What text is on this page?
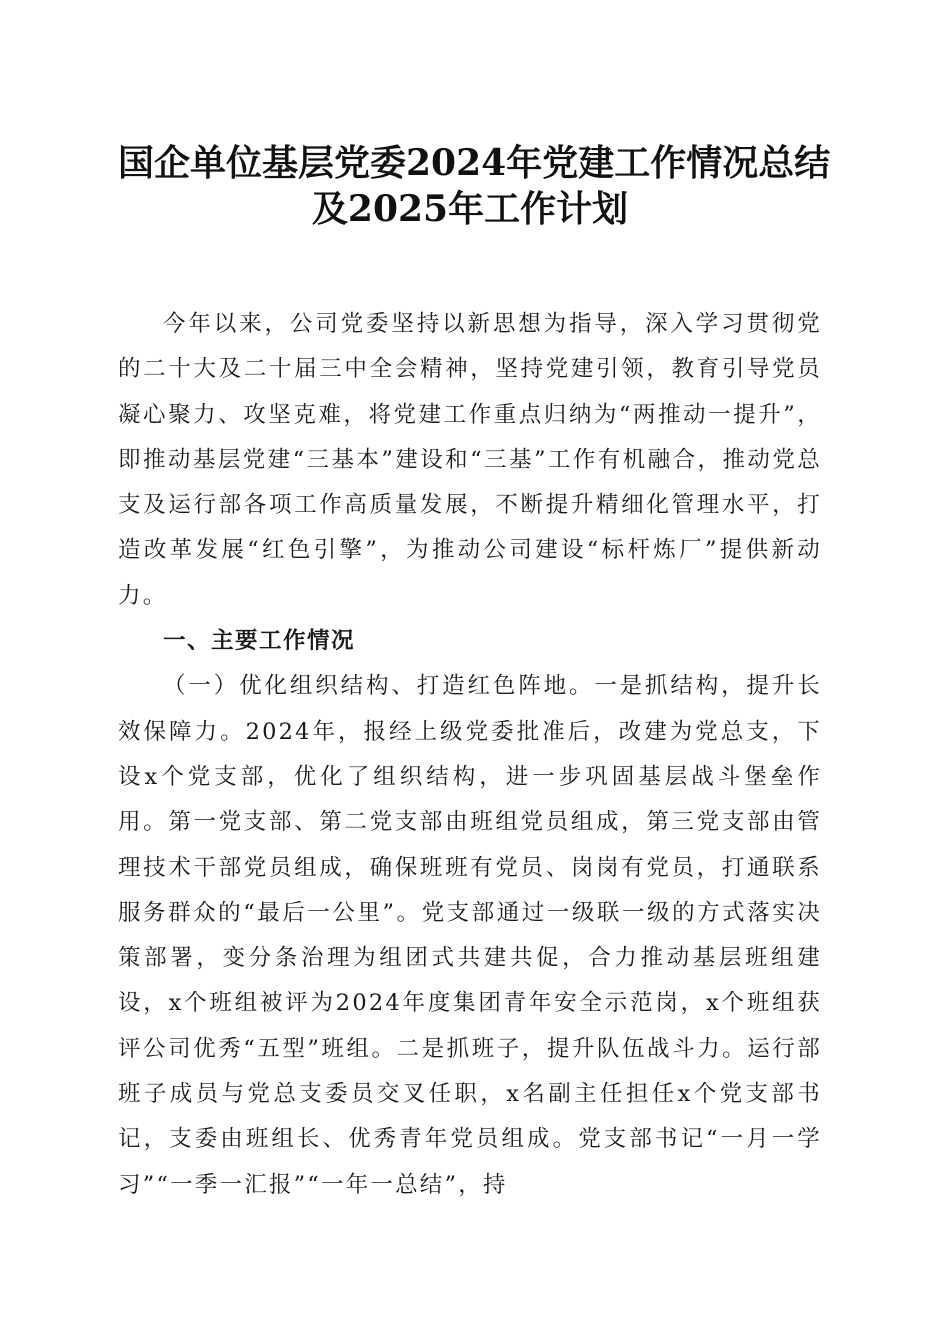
国企单位基层党委2024年党建工作情况总结
及2025年工作计划

今年以来，公司党委坚持以新思想为指导，深入学习贯彻党的二十大及二十届三中全会精神，坚持党建引领，教育引导党员凝心聚力、攻坚克难，将党建工作重点归纳为“两推动一提升”，即推动基层党建“三基本”建设和“三基”工作有机融合，推动党总支及运行部各项工作高质量发展，不断提升精细化管理水平，打造改革发展“红色引擎”，为推动公司建设“标杆炼厂”提供新动力。

一、主要工作情况

（一）优化组织结构、打造红色阵地。一是抓结构，提升长效保障力。2024年，报经上级党委批准后，改建为党总支，下设x个党支部，优化了组织结构，进一步巩固基层战斗堡垒作用。第一党支部、第二党支部由班组党员组成，第三党支部由管理技术干部党员组成，确保班班有党员、岗岗有党员，打通联系服务群众的“最后一公里”。党支部通过一级联一级的方式落实决策部署，变分条治理为组团式共建共促，合力推动基层班组建设，x个班组被评为2024年度集团青年安全示范岗，x个班组获评公司优秀“五型”班组。二是抓班子，提升队伍战斗力。运行部班子成员与党总支委员交叉任职，x名副主任担任x个党支部书记，支委由班组长、优秀青年党员组成。党支部书记“一月一学习”“一季一汇报”“一年一总结”，持
